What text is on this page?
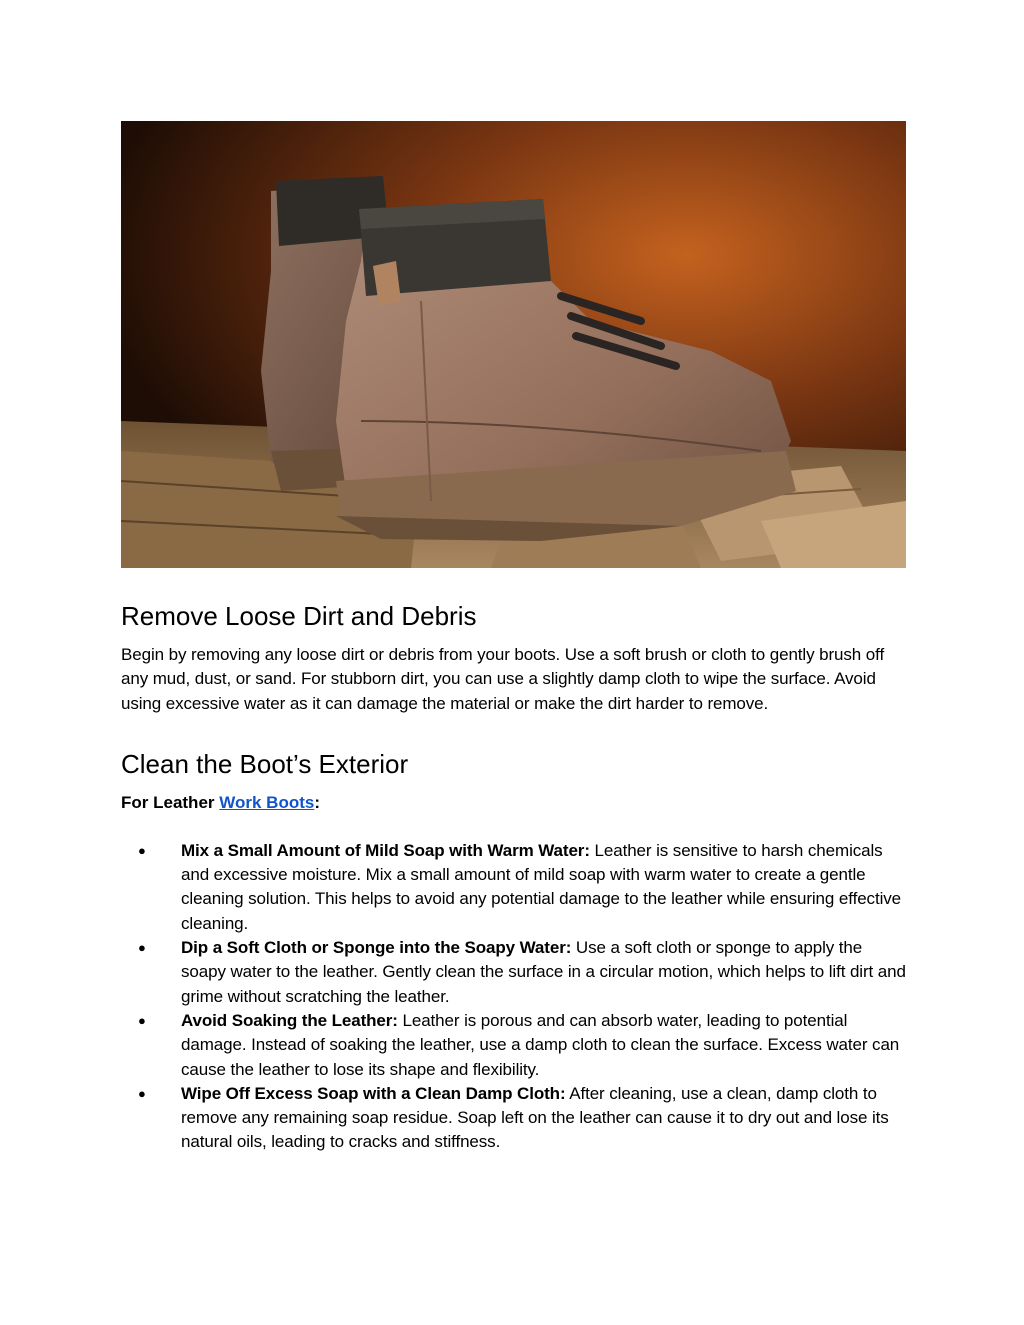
Remove Loose Dirt and Debris

Begin by removing any loose dirt or debris from your boots. Use a soft brush or cloth to gently brush off any mud, dust, or sand. For stubborn dirt, you can use a slightly damp cloth to wipe the surface. Avoid using excessive water as it can damage the material or make the dirt harder to remove.

Clean the Boot’s Exterior

For Leather Work Boots:

● Mix a Small Amount of Mild Soap with Warm Water: Leather is sensitive to harsh chemicals and excessive moisture. Mix a small amount of mild soap with warm water to create a gentle cleaning solution. This helps to avoid any potential damage to the leather while ensuring effective cleaning.
● Dip a Soft Cloth or Sponge into the Soapy Water: Use a soft cloth or sponge to apply the soapy water to the leather. Gently clean the surface in a circular motion, which helps to lift dirt and grime without scratching the leather.
● Avoid Soaking the Leather: Leather is porous and can absorb water, leading to potential damage. Instead of soaking the leather, use a damp cloth to clean the surface. Excess water can cause the leather to lose its shape and flexibility.
● Wipe Off Excess Soap with a Clean Damp Cloth: After cleaning, use a clean, damp cloth to remove any remaining soap residue. Soap left on the leather can cause it to dry out and lose its natural oils, leading to cracks and stiffness.
